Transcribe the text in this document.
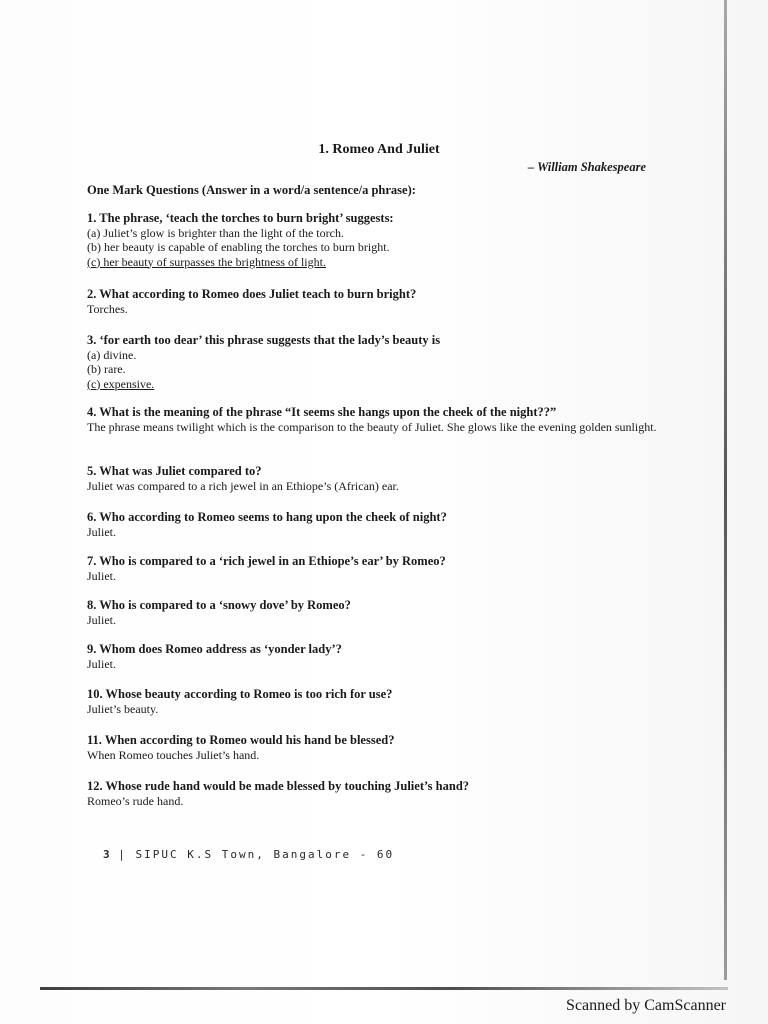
1. Romeo And Juliet
– William Shakespeare
One Mark Questions (Answer in a word/a sentence/a phrase):
1. The phrase, ‘teach the torches to burn bright’ suggests:
(a) Juliet’s glow is brighter than the light of the torch.
(b) her beauty is capable of enabling the torches to burn bright.
(c) her beauty of surpasses the brightness of light.
2. What according to Romeo does Juliet teach to burn bright?
Torches.
3. ‘for earth too dear’ this phrase suggests that the lady’s beauty is
(a) divine.
(b) rare.
(c) expensive.
4. What is the meaning of the phrase “It seems she hangs upon the cheek of the night??”
The phrase means twilight which is the comparison to the beauty of Juliet. She glows like the evening golden sunlight.
5. What was Juliet compared to?
Juliet was compared to a rich jewel in an Ethiope’s (African) ear.
6. Who according to Romeo seems to hang upon the cheek of night?
Juliet.
7. Who is compared to a ‘rich jewel in an Ethiope’s ear’ by Romeo?
Juliet.
8. Who is compared to a ‘snowy dove’ by Romeo?
Juliet.
9. Whom does Romeo address as ‘yonder lady’?
Juliet.
10. Whose beauty according to Romeo is too rich for use?
Juliet’s beauty.
11. When according to Romeo would his hand be blessed?
When Romeo touches Juliet’s hand.
12. Whose rude hand would be made blessed by touching Juliet’s hand?
Romeo’s rude hand.
3 | SIPUC K.S Town, Bangalore - 60
Scanned by CamScanner
